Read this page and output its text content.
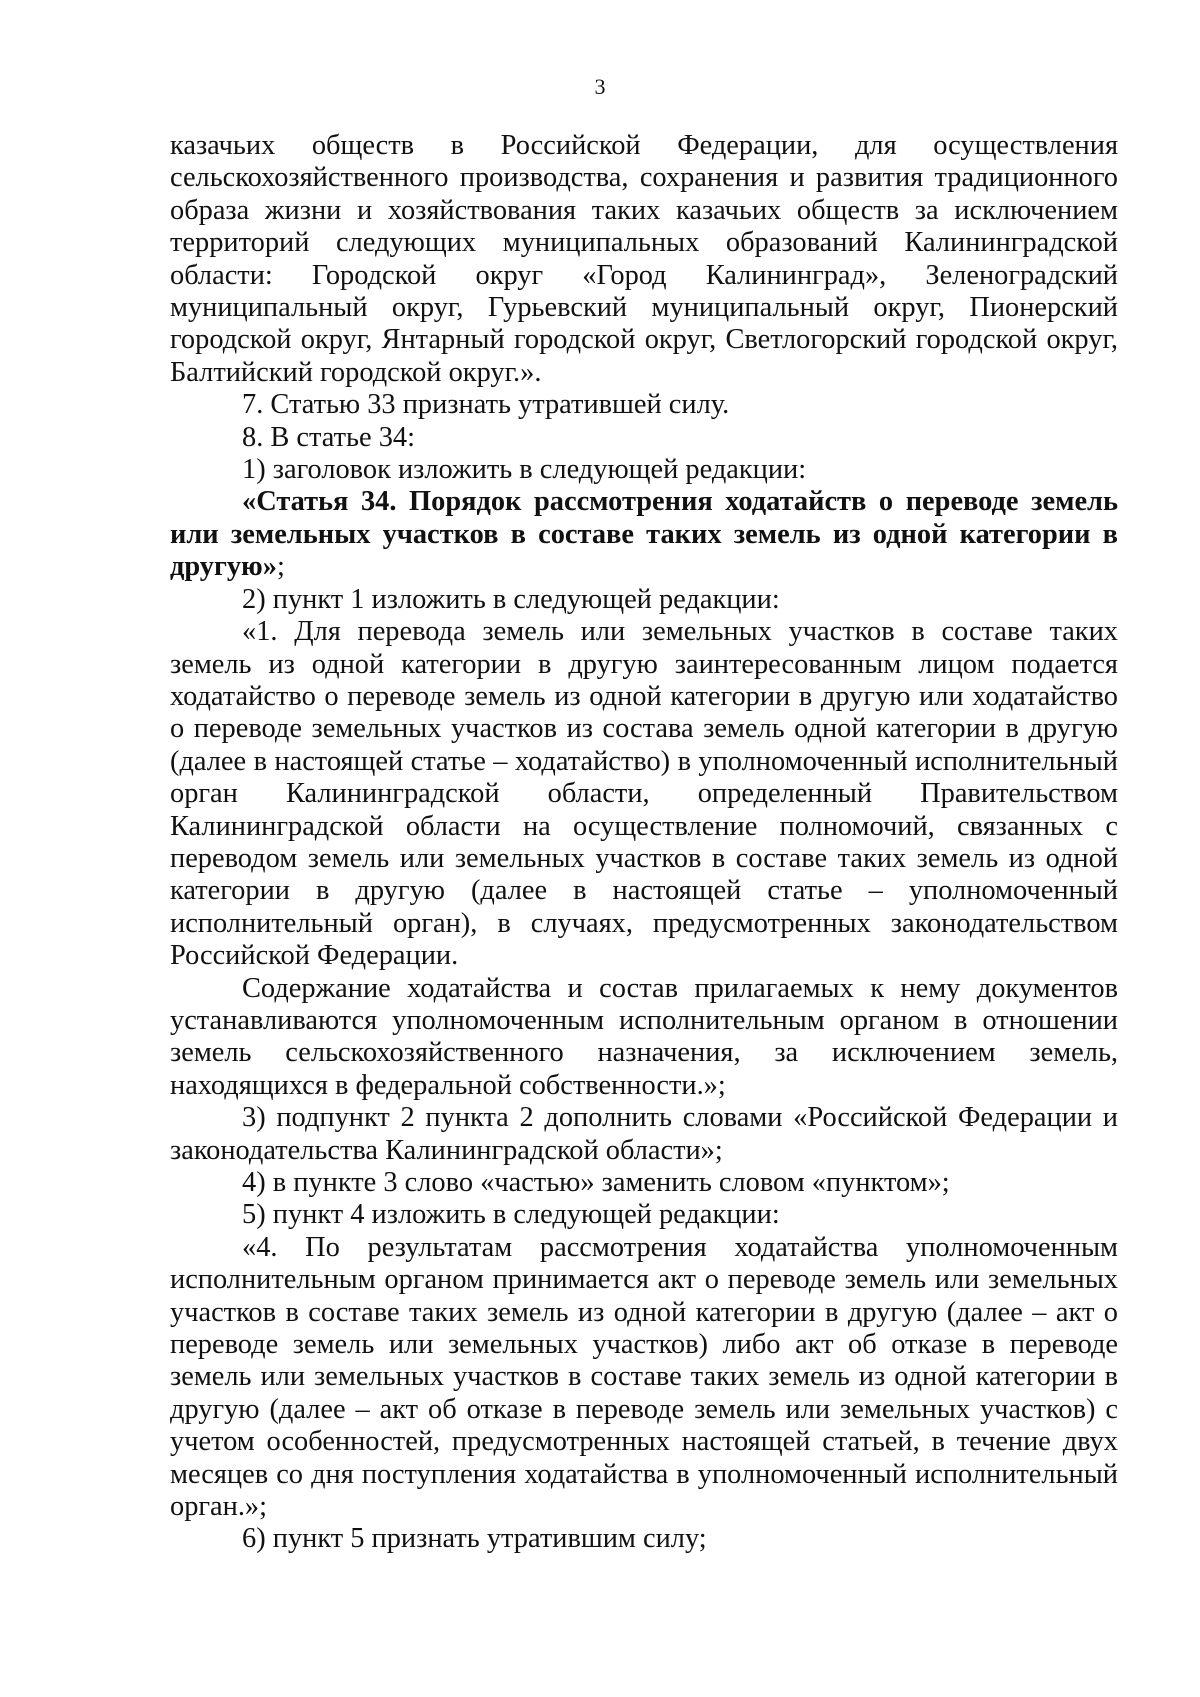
3

казачьих обществ в Российской Федерации, для осуществления сельскохозяйственного производства, сохранения и развития традиционного образа жизни и хозяйствования таких казачьих обществ за исключением территорий следующих муниципальных образований Калининградской области: Городской округ «Город Калининград», Зеленоградский муниципальный округ, Гурьевский муниципальный округ, Пионерский городской округ, Янтарный городской округ, Светлогорский городской округ, Балтийский городской округ.».

7. Статью 33 признать утратившей силу.

8. В статье 34:

1) заголовок изложить в следующей редакции:

«Статья 34. Порядок рассмотрения ходатайств о переводе земель или земельных участков в составе таких земель из одной категории в другую»;

2) пункт 1 изложить в следующей редакции:

«1. Для перевода земель или земельных участков в составе таких земель из одной категории в другую заинтересованным лицом подается ходатайство о переводе земель из одной категории в другую или ходатайство о переводе земельных участков из состава земель одной категории в другую (далее в настоящей статье – ходатайство) в уполномоченный исполнительный орган Калининградской области, определенный Правительством Калининградской области на осуществление полномочий, связанных с переводом земель или земельных участков в составе таких земель из одной категории в другую (далее в настоящей статье – уполномоченный исполнительный орган), в случаях, предусмотренных законодательством Российской Федерации.

Содержание ходатайства и состав прилагаемых к нему документов устанавливаются уполномоченным исполнительным органом в отношении земель сельскохозяйственного назначения, за исключением земель, находящихся в федеральной собственности.»;

3) подпункт 2 пункта 2 дополнить словами «Российской Федерации и законодательства Калининградской области»;

4) в пункте 3 слово «частью» заменить словом «пунктом»;

5) пункт 4 изложить в следующей редакции:

«4. По результатам рассмотрения ходатайства уполномоченным исполнительным органом принимается акт о переводе земель или земельных участков в составе таких земель из одной категории в другую (далее – акт о переводе земель или земельных участков) либо акт об отказе в переводе земель или земельных участков в составе таких земель из одной категории в другую (далее – акт об отказе в переводе земель или земельных участков) с учетом особенностей, предусмотренных настоящей статьей, в течение двух месяцев со дня поступления ходатайства в уполномоченный исполнительный орган.»;

6) пункт 5 признать утратившим силу;
